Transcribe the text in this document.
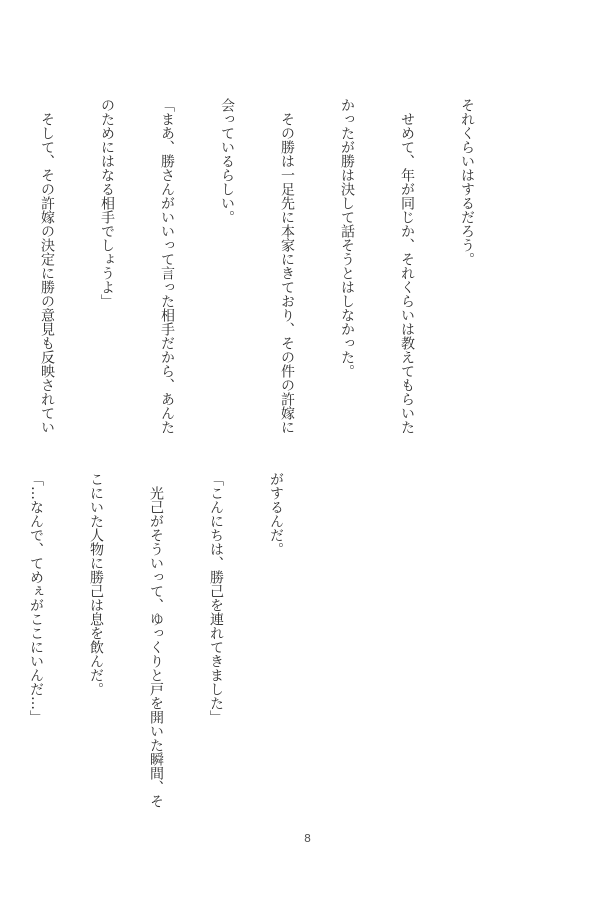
それくらいはするだろう。

　せめて、年が同じか、それくらいは教えてもらいた

かったが勝は決して話そうとはしなかった。

　その勝は一足先に本家にきており、その件の許嫁に

会っているらしい。

「まあ、勝さんがいいって言った相手だから、あんた

のためにはなる相手でしょうよ」

　そして、その許嫁の決定に勝の意見も反映されてい

がするんだ。

「こんにちは、勝己を連れてきました」

　光己がそういって、ゆっくりと戸を開いた瞬間、そ

こにいた人物に勝己は息を飲んだ。

「…なんで、てめぇがここにいんだ…」

8
